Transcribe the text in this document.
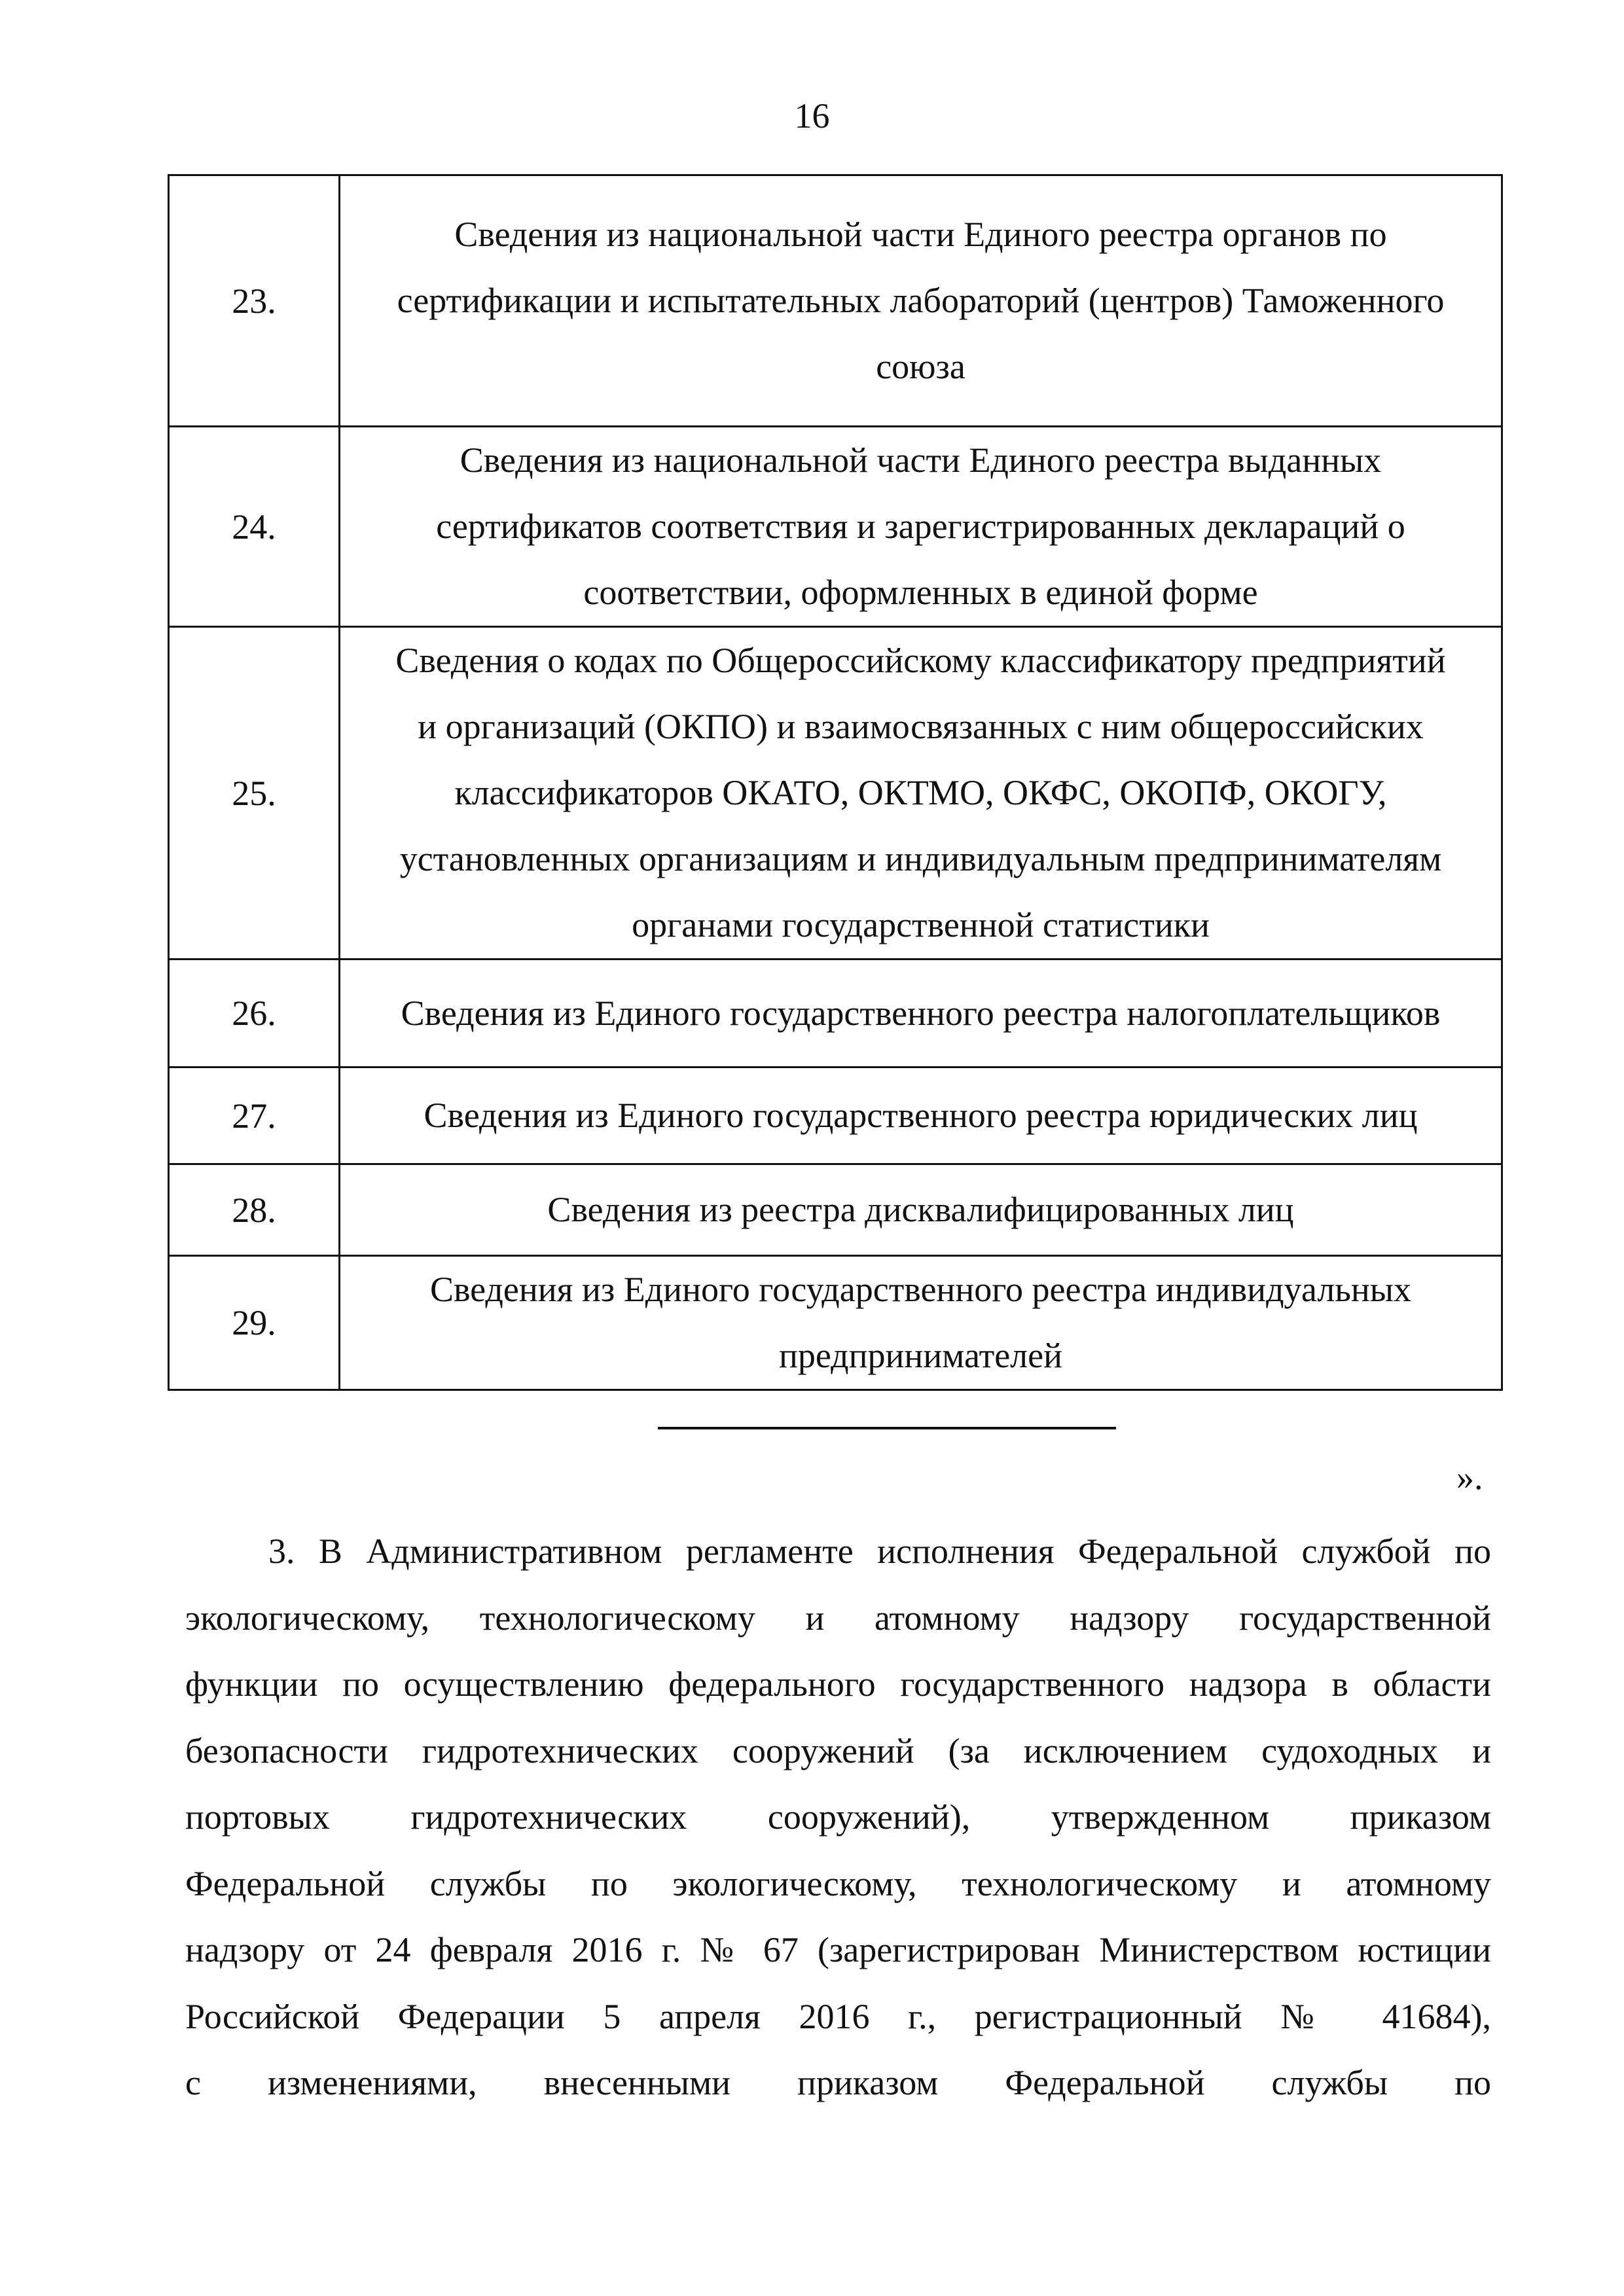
16
23.	Сведения из национальной части Единого реестра органов по
сертификации и испытательных лабораторий (центров) Таможенного
союза

24.	Сведения из национальной части Единого реестра выданных
сертификатов соответствия и зарегистрированных деклараций о
соответствии, оформленных в единой форме

25.	Сведения о кодах по Общероссийскому классификатору предприятий
и организаций (ОКПО) и взаимосвязанных с ним общероссийских
классификаторов ОКАТО, ОКТМО, ОКФС, ОКОПФ, ОКОГУ,
установленных организациям и индивидуальным предпринимателям
органами государственной статистики

26.	Сведения из Единого государственного реестра налогоплательщиков

27.	Сведения из Единого государственного реестра юридических лиц

28.	Сведения из реестра дисквалифицированных лиц

29.	Сведения из Единого государственного реестра индивидуальных
предпринимателей
».
3. В Административном регламенте исполнения Федеральной службой по
экологическому, технологическому и атомному надзору государственной
функции по осуществлению федерального государственного надзора в области
безопасности гидротехнических сооружений (за исключением судоходных и
портовых гидротехнических сооружений), утвержденном приказом
Федеральной службы по экологическому, технологическому и атомному
надзору от 24 февраля 2016 г. № 67 (зарегистрирован Министерством юстиции
Российской Федерации 5 апреля 2016 г., регистрационный № 41684),
с изменениями, внесенными приказом Федеральной службы по
